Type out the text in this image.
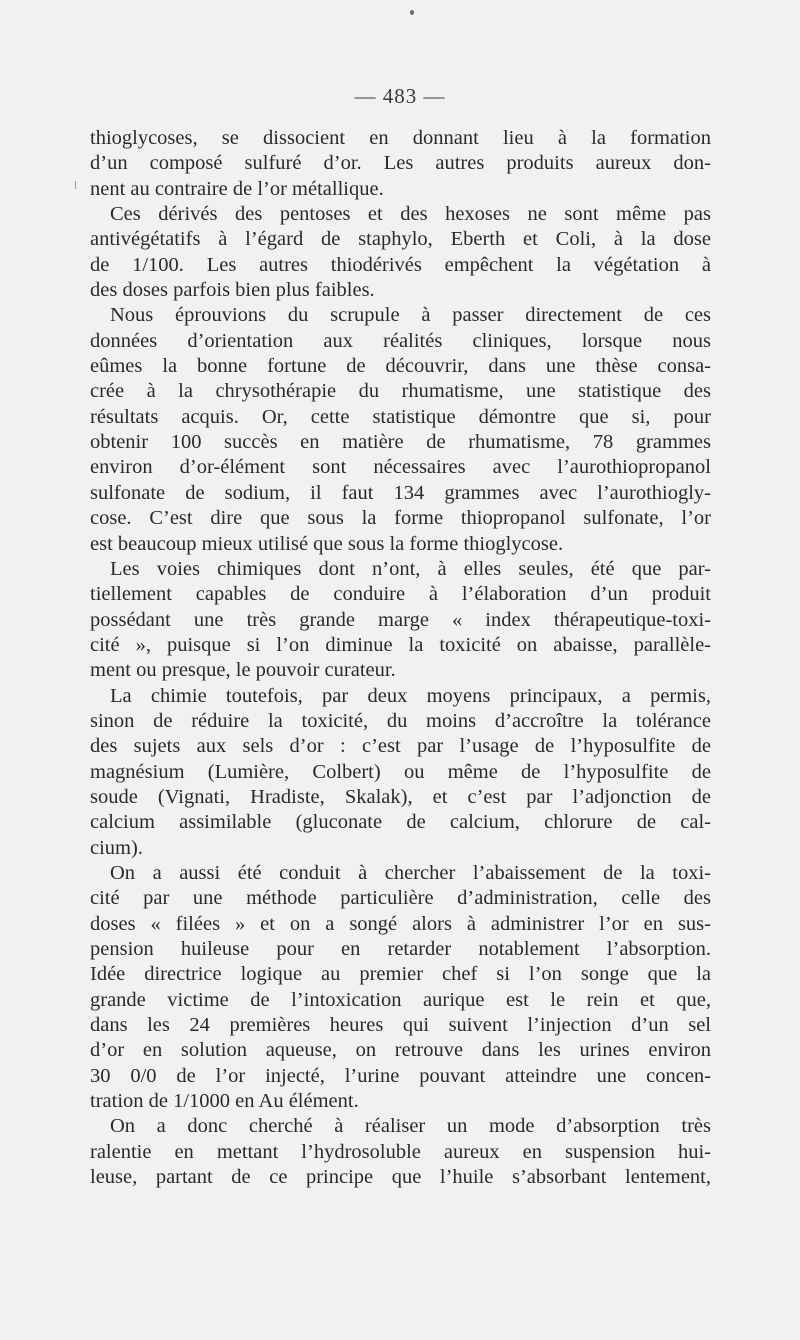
— 483 —
thioglycoses, se dissocient en donnant lieu à la formation
d’un composé sulfuré d’or. Les autres produits aureux don-
nent au contraire de l’or métallique.
Ces dérivés des pentoses et des hexoses ne sont même pas
antivégétatifs à l’égard de staphylo, Eberth et Coli, à la dose
de 1/100. Les autres thiodérivés empêchent la végétation à
des doses parfois bien plus faibles.
Nous éprouvions du scrupule à passer directement de ces
données d’orientation aux réalités cliniques, lorsque nous
eûmes la bonne fortune de découvrir, dans une thèse consa-
crée à la chrysothérapie du rhumatisme, une statistique des
résultats acquis. Or, cette statistique démontre que si, pour
obtenir 100 succès en matière de rhumatisme, 78 grammes
environ d’or-élément sont nécessaires avec l’aurothiopropanol
sulfonate de sodium, il faut 134 grammes avec l’aurothiogly-
cose. C’est dire que sous la forme thiopropanol sulfonate, l’or
est beaucoup mieux utilisé que sous la forme thioglycose.
Les voies chimiques dont n’ont, à elles seules, été que par-
tiellement capables de conduire à l’élaboration d’un produit
possédant une très grande marge « index thérapeutique-toxi-
cité », puisque si l’on diminue la toxicité on abaisse, parallèle-
ment ou presque, le pouvoir curateur.
La chimie toutefois, par deux moyens principaux, a permis,
sinon de réduire la toxicité, du moins d’accroître la tolérance
des sujets aux sels d’or : c’est par l’usage de l’hyposulfite de
magnésium (Lumière, Colbert) ou même de l’hyposulfite de
soude (Vignati, Hradiste, Skalak), et c’est par l’adjonction de
calcium assimilable (gluconate de calcium, chlorure de cal-
cium).
On a aussi été conduit à chercher l’abaissement de la toxi-
cité par une méthode particulière d’administration, celle des
doses « filées » et on a songé alors à administrer l’or en sus-
pension huileuse pour en retarder notablement l’absorption.
Idée directrice logique au premier chef si l’on songe que la
grande victime de l’intoxication aurique est le rein et que,
dans les 24 premières heures qui suivent l’injection d’un sel
d’or en solution aqueuse, on retrouve dans les urines environ
30 0/0 de l’or injecté, l’urine pouvant atteindre une concen-
tration de 1/1000 en Au élément.
On a donc cherché à réaliser un mode d’absorption très
ralentie en mettant l’hydrosoluble aureux en suspension hui-
leuse, partant de ce principe que l’huile s’absorbant lentement,
